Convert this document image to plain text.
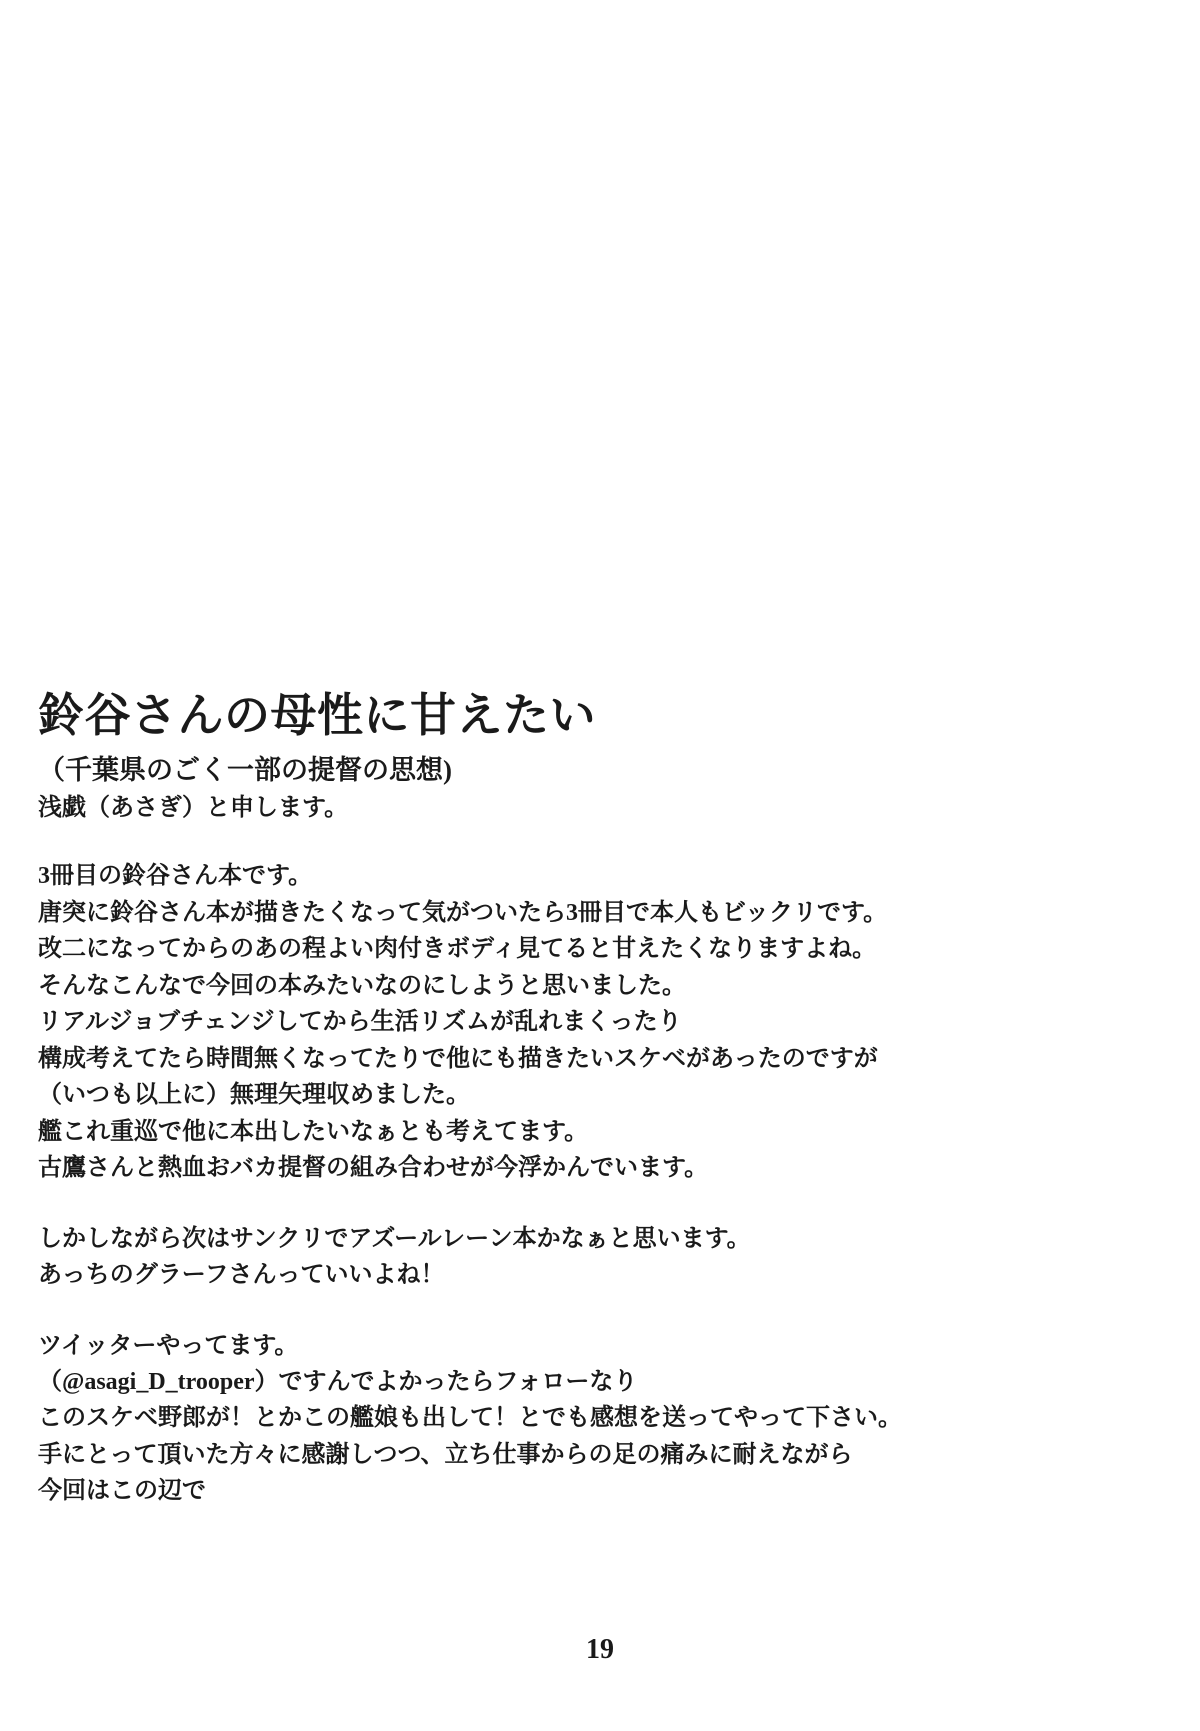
鈴谷さんの母性に甘えたい
（千葉県のごく一部の提督の思想)
浅戯（あさぎ）と申します。
3冊目の鈴谷さん本です。
唐突に鈴谷さん本が描きたくなって気がついたら3冊目で本人もビックリです。
改二になってからのあの程よい肉付きボディ見てると甘えたくなりますよね。
そんなこんなで今回の本みたいなのにしようと思いました。
リアルジョブチェンジしてから生活リズムが乱れまくったり
構成考えてたら時間無くなってたりで他にも描きたいスケベがあったのですが
（いつも以上に）無理矢理収めました。
艦これ重巡で他に本出したいなぁとも考えてます。
古鷹さんと熱血おバカ提督の組み合わせが今浮かんでいます。
しかしながら次はサンクリでアズールレーン本かなぁと思います。
あっちのグラーフさんっていいよね！
ツイッターやってます。
（@asagi_D_trooper）ですんでよかったらフォローなり
このスケベ野郎が！とかこの艦娘も出して！とでも感想を送ってやって下さい。
手にとって頂いた方々に感謝しつつ、立ち仕事からの足の痛みに耐えながら
今回はこの辺で
19
